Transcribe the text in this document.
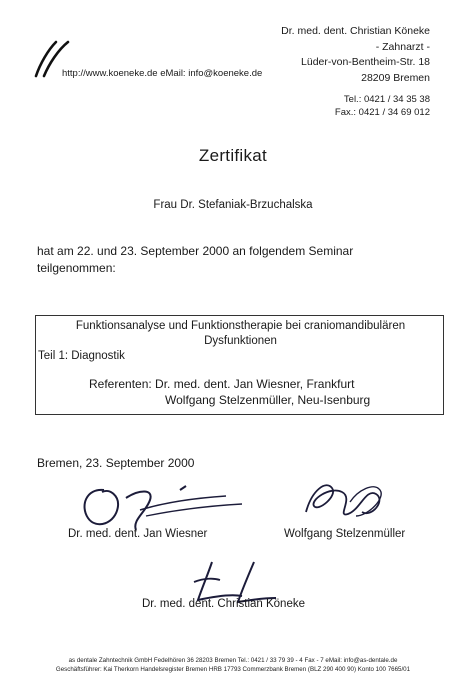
http://www.koeneke.de eMail: info@koeneke.de
Dr. med. dent. Christian Köneke
- Zahnarzt -
Lüder-von-Bentheim-Str. 18
28209 Bremen
Tel.: 0421 / 34 35 38
Fax.: 0421 / 34 69 012
Zertifikat
Frau Dr. Stefaniak-Brzuchalska
hat am 22. und 23. September 2000 an folgendem Seminar
teilgenommen:
Funktionsanalyse und Funktionstherapie bei craniomandibulären
Dysfunktionen
Teil 1: Diagnostik
Referenten: Dr. med. dent. Jan Wiesner, Frankfurt
Wolfgang Stelzenmüller, Neu-Isenburg
Bremen, 23. September 2000
Dr. med. dent. Jan Wiesner	Wolfgang Stelzenmüller
Dr. med. dent. Christian Köneke
as dentale Zahntechnik GmbH Fedelhören 36 28203 Bremen Tel.: 0421 / 33 79 39 - 4 Fax - 7 eMail: info@as-dentale.de
Geschäftsführer: Kai Therkorn Handelsregister Bremen HRB 17793 Commerzbank Bremen (BLZ 290 400 90) Konto 100 7665/01
